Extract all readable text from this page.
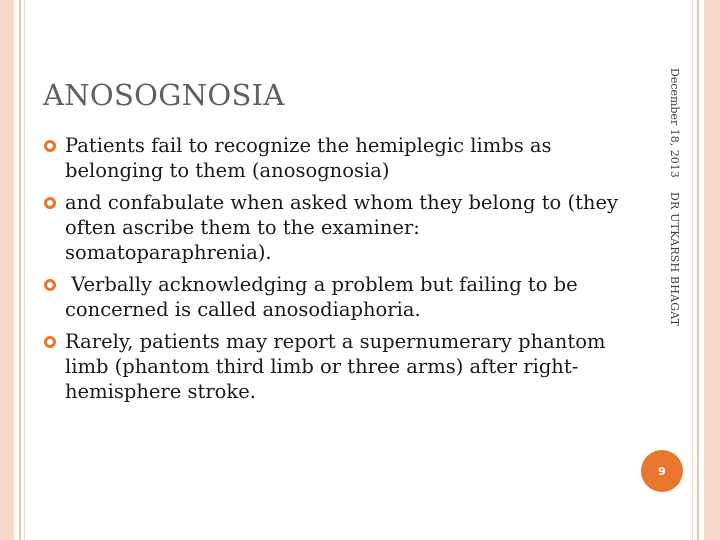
ANOSOGNOSIA
Patients fail to recognize the hemiplegic limbs as belonging to them (anosognosia)
and confabulate when asked whom they belong to (they often ascribe them to the examiner: somatoparaphrenia).
Verbally acknowledging a problem but failing to be concerned is called anosodiaphoria.
Rarely, patients may report a supernumerary phantom limb (phantom third limb or three arms) after right-hemisphere stroke.
December 18, 2013
DR UTKARSH BHAGAT
9
